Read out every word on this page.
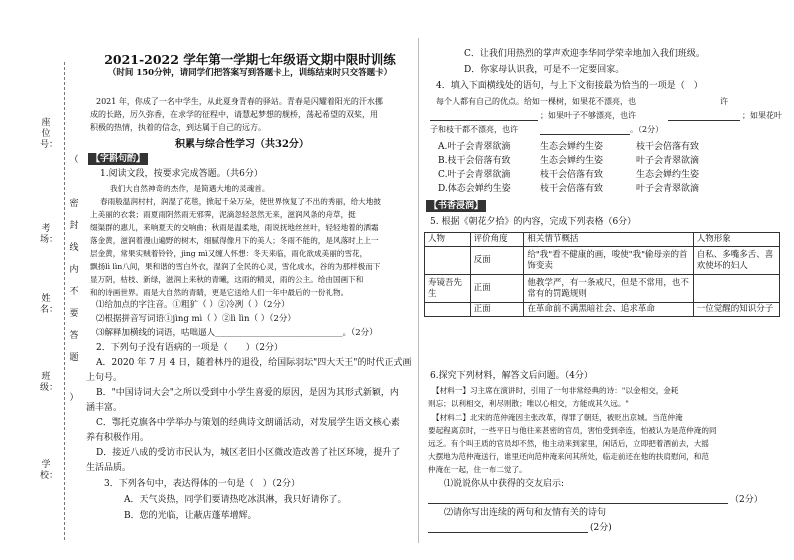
座位号：
考场：
姓名：
班级：
学校：
（
密
封
线
内
不
要
答
题
）
2021-2022 学年第一学期七年级语文期中限时训练
（时间 150分钟，请同学们把答案写到答题卡上，训练结束时只交答题卡）
2021 年，你成了一名中学生，从此夏身青春的驿站。青春是闪耀着阳光的汗水挪
成的长路，厉久弥香，在求学的征程中，请慧起梦想的舰桥，荡起希望的双桨，用
积极的热情，执着的信念，到达属于自己的远方。
积累与综合性学习（共32分）
【字斟句酌】
1.阅读文段，按要求完成答题。（共6分）
我们大自然神奇的杰作，是简遇大地的灵魂首。
春雨般温润村村，润湿了花毯，掀起千朵万朵，使世界恢复了不出的秀丽，给大地披
上美丽的衣裳；雨夏雨阴然雨无邪霁，泥滴忽轻忽然无来，滋润风条的舟草，挺
缀渠群的惠儿，来响夏天的交响曲；秋雨是温柔地，雨说抚地丝丝叶，轻轻地着的洒霜
落金黄，滋润着漫山遍野的树木，细腻得像月下的美人；冬雨不能的，是风落时上上一
层金黄，常果实贼着铃铃，jìng mì又缠人怀想：冬天来临，雨化欲成美丽的雪花，
飘扬lì lìn八间，果和谐的雪白外衣，湿润了全民的心灵，雪化成水，谷的为那样极而下
显万阴，枯枝、新绿，滋润上来秋的青曦，这雨的精灵，雨的公主。给由国画下和
和的诗画世界。雨是大自然的青睛，更是它送给人们一年中最后的一份礼物。
⑴给加点的字注音。①粗犷（ ）②冷冽（ ）（2分）
⑵根据拼音写词语①jìng mì（ ）②lì lìn（ ）（2分）
⑶解释加横线的词语，咕咄逼人______________________________。（2分）
2．下列句子没有语病的一项是（　　）（2分）
A．2020 年 7 月 4 日，随着林丹的退役，给国际羽坛"四大天王"的时代正式画
上句号。
B．"中国诗词大会"之所以受到中小学生喜爱的原因，是因为其形式新颖，内
涵丰富。
C．鄂托克旗各中学举办与策划的经典诗文朗诵活动，对发展学生语文核心素
养有积极作用。
D．接近八成的受访市民认为，城区老旧小区微改造改善了社区环境，提升了
生活品质。
3．下列各句中，表达得体的一句是（　）（2分）
A．天气炎热，同学们要请热吃冰淇淋，我只好请你了。
B．您的光临，让蔽店蓬荜增辉。
C．让我们用热烈的掌声欢迎李华同学荣幸地加入我们班级。
D．你家母认识我，可是不一定要回家。
4．填入下面横线处的语句，与上下文衔接最为恰当的一项是（　）
每个人都有自己的优点。给如一棵树，如果花不漂亮，也	许
；如果叶子不够漂亮，也许	；如果花叶
子和枝干都不漂亮，也许	。（2分）
A.叶子会青翠欲滴	生态会婵约生姿	枝干会倍落有致
B.枝干会倍落有致	生态会婵约生姿	叶子会青翠欲滴
C.叶子会青翠欲滴	枝干会倍落有致	生态会婵约生姿
D.体态会婵约生姿	枝干会倍落有致	叶子会青翠欲滴
【书香浸润】
5. 根据《朝花夕拾》的内容，完成下列表格（6分）
人物	评价角度	相关情节概括	人物形象
	反面	给"我"看不健康的画，唆使"我"偷母亲的首饰变卖	自私、多嘴多舌、喜欢使坏的妇人
寿镜吾先生	正面	他教学严，有一条戒尺，但是不常用，也不常有的罚跪规则	
	正面	在革命前不满黑暗社会、追求革命	一位觉醒的知识分子
6.探究下列材料，解答文后问题。（4分）
【材料一】习主席在演讲时，引用了一句非常经典的诗："以金相交，金耗
则忘；以利相交，利尽则散；唯以心相交，方能成其久远。"
【材料二】北宋的范仲淹因主张改革，得罪了朝廷，被贬出京城。当范仲淹
要起程离京时，一些平日与他往来甚密的官员，害怕受到牵连，怕被认为是范仲淹的同
远乏。有个叫王质的官员却不然，他主动来到家里，闲话后，立即把着酒前去，大摇
大摆地为范仲淹送行，谁里还向范仲淹来问其所处，临走前还在他的扶肩慰问，和范
仲淹在一起，住一布二觉了。
⑴说说你从中获得的交友启示:
（2分）
⑵请你写出连续的两句和友情有关的诗句
(2分)
